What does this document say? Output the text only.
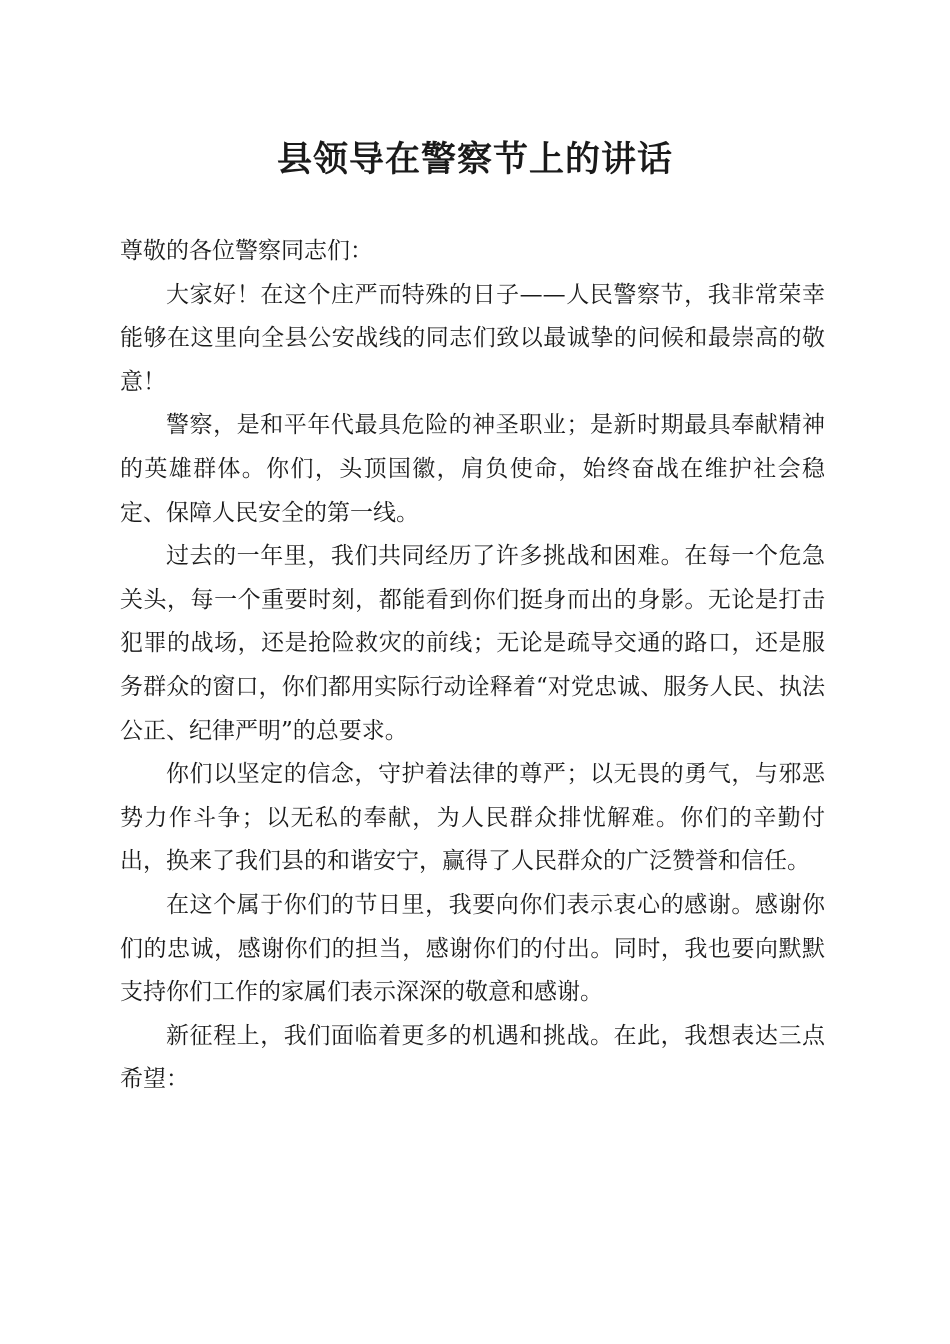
县领导在警察节上的讲话

尊敬的各位警察同志们：

大家好！在这个庄严而特殊的日子——人民警察节，我非常荣幸能够在这里向全县公安战线的同志们致以最诚挚的问候和最崇高的敬意！

警察，是和平年代最具危险的神圣职业；是新时期最具奉献精神的英雄群体。你们，头顶国徽，肩负使命，始终奋战在维护社会稳定、保障人民安全的第一线。

过去的一年里，我们共同经历了许多挑战和困难。在每一个危急关头，每一个重要时刻，都能看到你们挺身而出的身影。无论是打击犯罪的战场，还是抢险救灾的前线；无论是疏导交通的路口，还是服务群众的窗口，你们都用实际行动诠释着“对党忠诚、服务人民、执法公正、纪律严明”的总要求。

你们以坚定的信念，守护着法律的尊严；以无畏的勇气，与邪恶势力作斗争；以无私的奉献，为人民群众排忧解难。你们的辛勤付出，换来了我们县的和谐安宁，赢得了人民群众的广泛赞誉和信任。

在这个属于你们的节日里，我要向你们表示衷心的感谢。感谢你们的忠诚，感谢你们的担当，感谢你们的付出。同时，我也要向默默支持你们工作的家属们表示深深的敬意和感谢。

新征程上，我们面临着更多的机遇和挑战。在此，我想表达三点希望：
